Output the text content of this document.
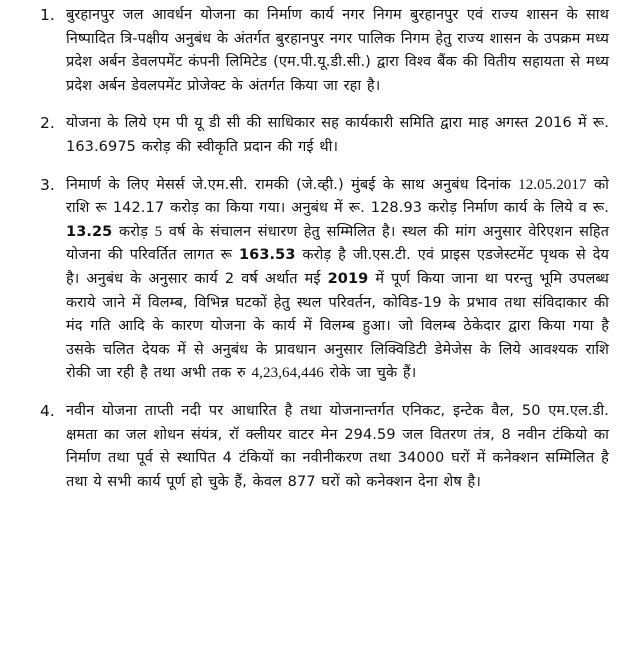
1. बुरहानपुर जल आवर्धन योजना का निर्माण कार्य नगर निगम बुरहानपुर एवं राज्य शासन के साथ निष्पादित त्रि-पक्षीय अनुबंध के अंतर्गत बुरहानपुर नगर पालिक निगम हेतु राज्य शासन के उपक्रम मध्य प्रदेश अर्बन डेवलपमेंट कंपनी लिमिटेड (एम.पी.यू.डी.सी.) द्वारा विश्व बैंक की वितीय सहायता से मध्य प्रदेश अर्बन डेवलपमेंट प्रोजेक्ट के अंतर्गत किया जा रहा है।
2. योजना के लिये एम पी यू डी सी की साधिकार सह कार्यकारी समिति द्वारा माह अगस्त 2016 में रू. 163.6975 करोड़ की स्वीकृति प्रदान की गई थी।
3. निमार्ण के लिए मेसर्स जे.एम.सी. रामकी (जे.व्ही.) मुंबई के साथ अनुबंध दिनांक 12.05.2017 को राशि रू 142.17 करोड़ का किया गया। अनुबंध में रू. 128.93 करोड़ निर्माण कार्य के लिये व रू. 13.25 करोड़ 5 वर्ष के संचालन संधारण हेतु सम्मिलित है। स्थल की मांग अनुसार वेरिएशन सहित योजना की परिवर्तित लागत रू 163.53 करोड़ है जी.एस.टी. एवं प्राइस एडजेस्टमेंट पृथक से देय है। अनुबंध के अनुसार कार्य 2 वर्ष अर्थात मई 2019 में पूर्ण किया जाना था परन्तु भूमि उपलब्ध कराये जाने में विलम्ब, विभिन्न घटकों हेतु स्थल परिवर्तन, कोविड-19 के प्रभाव तथा संविदाकार की मंद गति आदि के कारण योजना के कार्य में विलम्ब हुआ। जो विलम्ब ठेकेदार द्वारा किया गया है उसके चलित देयक में से अनुबंध के प्रावधान अनुसार लिक्विडिटी डेमेजेस के लिये आवश्यक राशि रोकी जा रही है तथा अभी तक रु 4,23,64,446 रोके जा चुके हैं।
4. नवीन योजना ताप्ती नदी पर आधारित है तथा योजनान्तर्गत एनिकट, इन्टेक वैल, 50 एम.एल.डी. क्षमता का जल शोधन संयंत्र, रॉ क्लीयर वाटर मेन 294.59 जल वितरण तंत्र, 8 नवीन टंकियो का निर्माण तथा पूर्व से स्थापित 4 टंकियों का नवीनीकरण तथा 34000 घरों में कनेक्शन सम्मिलित है तथा ये सभी कार्य पूर्ण हो चुके हैं, केवल 877 घरों को कनेक्शन देना शेष है।
